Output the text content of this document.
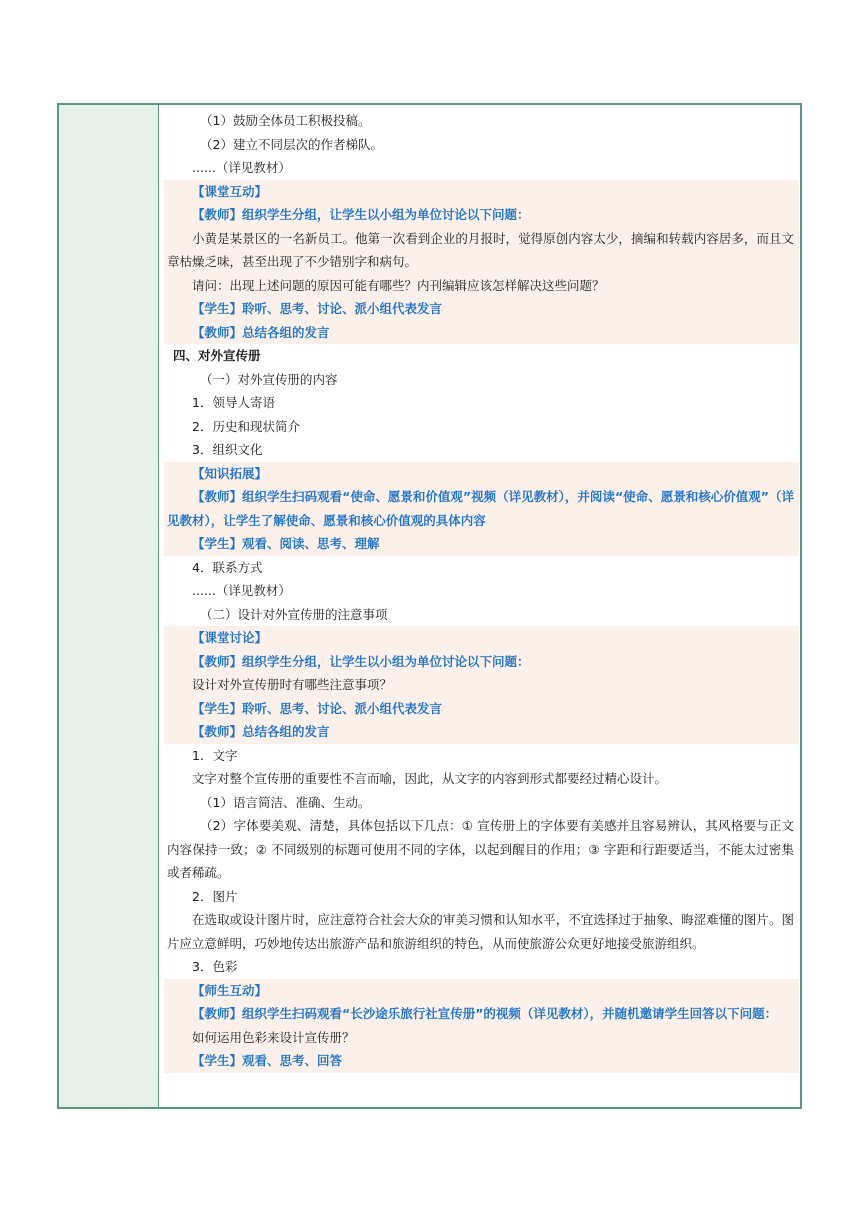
（1）鼓励全体员工积极投稿。

（2）建立不同层次的作者梯队。

......（详见教材）

【课堂互动】

【教师】组织学生分组，让学生以小组为单位讨论以下问题：

小黄是某景区的一名新员工。他第一次看到企业的月报时，觉得原创内容太少，摘编和转载内容居多，而且文章枯燥乏味，甚至出现了不少错别字和病句。

请问：出现上述问题的原因可能有哪些？内刊编辑应该怎样解决这些问题？

【学生】聆听、思考、讨论、派小组代表发言

【教师】总结各组的发言

四、对外宣传册

（一）对外宣传册的内容

1．领导人寄语

2．历史和现状简介

3．组织文化

【知识拓展】

【教师】组织学生扫码观看“使命、愿景和价值观”视频（详见教材），并阅读“使命、愿景和核心价值观”（详见教材），让学生了解使命、愿景和核心价值观的具体内容

【学生】观看、阅读、思考、理解

4．联系方式

......（详见教材）

（二）设计对外宣传册的注意事项

【课堂讨论】

【教师】组织学生分组，让学生以小组为单位讨论以下问题：

设计对外宣传册时有哪些注意事项？

【学生】聆听、思考、讨论、派小组代表发言

【教师】总结各组的发言

1．文字

文字对整个宣传册的重要性不言而喻，因此，从文字的内容到形式都要经过精心设计。

（1）语言简洁、准确、生动。

（2）字体要美观、清楚，具体包括以下几点：① 宣传册上的字体要有美感并且容易辨认，其风格要与正文内容保持一致；② 不同级别的标题可使用不同的字体，以起到醒目的作用；③ 字距和行距要适当，不能太过密集或者稀疏。

2．图片

在选取或设计图片时，应注意符合社会大众的审美习惯和认知水平，不宜选择过于抽象、晦涩难懂的图片。图片应立意鲜明，巧妙地传达出旅游产品和旅游组织的特色，从而使旅游公众更好地接受旅游组织。

3．色彩

【师生互动】

【教师】组织学生扫码观看“长沙途乐旅行社宣传册”的视频（详见教材），并随机邀请学生回答以下问题：

如何运用色彩来设计宣传册？

【学生】观看、思考、回答
